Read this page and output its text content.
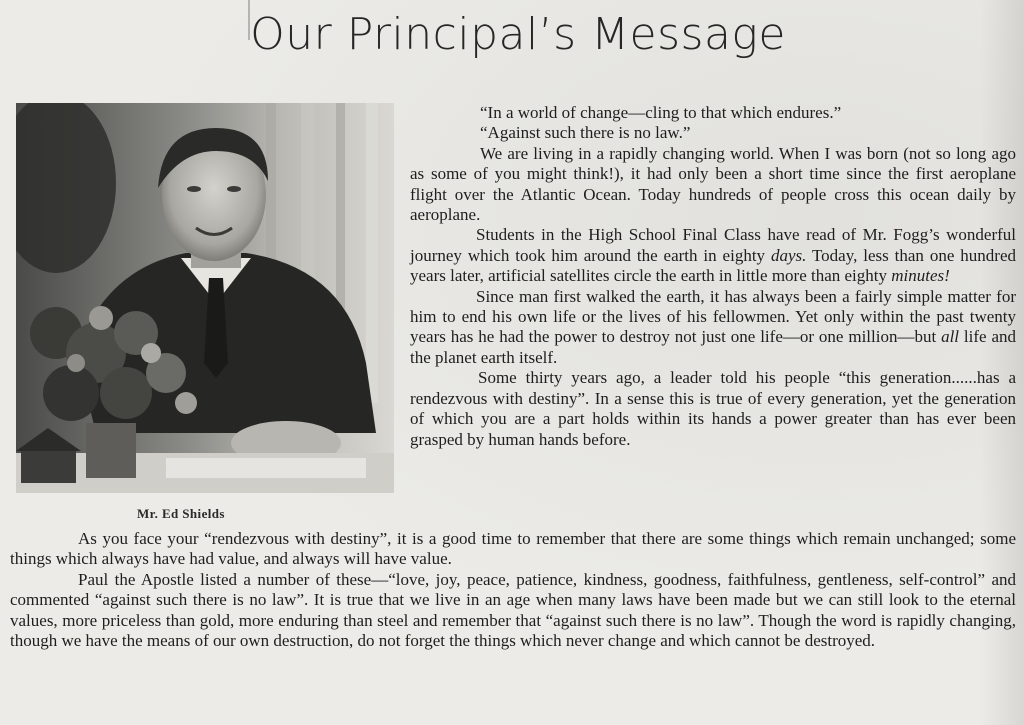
Our Principal’s Message

Mr. Ed Shields

“In a world of change—cling to that which endures.”

“Against such there is no law.”

We are living in a rapidly changing world. When I was born (not so long ago as some of you might think!), it had only been a short time since the first aeroplane flight over the Atlantic Ocean. Today hundreds of people cross this ocean daily by aeroplane.

Students in the High School Final Class have read of Mr. Fogg’s wonderful journey which took him around the earth in eighty days. Today, less than one hundred years later, artificial satellites circle the earth in little more than eighty minutes!

Since man first walked the earth, it has always been a fairly simple matter for him to end his own life or the lives of his fellowmen. Yet only within the past twenty years has he had the power to destroy not just one life—or one million—but all life and the planet earth itself.

Some thirty years ago, a leader told his people “this generation......has a rendezvous with destiny”. In a sense this is true of every generation, yet the generation of which you are a part holds within its hands a power greater than has ever been grasped by human hands before.

As you face your “rendezvous with destiny”, it is a good time to remember that there are some things which remain unchanged; some things which always have had value, and always will have value.

Paul the Apostle listed a number of these—“love, joy, peace, patience, kindness, goodness, faithfulness, gentleness, self-control” and commented “against such there is no law”. It is true that we live in an age when many laws have been made but we can still look to the eternal values, more priceless than gold, more enduring than steel and remember that “against such there is no law”. Though the word is rapidly changing, though we have the means of our own destruction, do not forget the things which never change and which cannot be destroyed.
